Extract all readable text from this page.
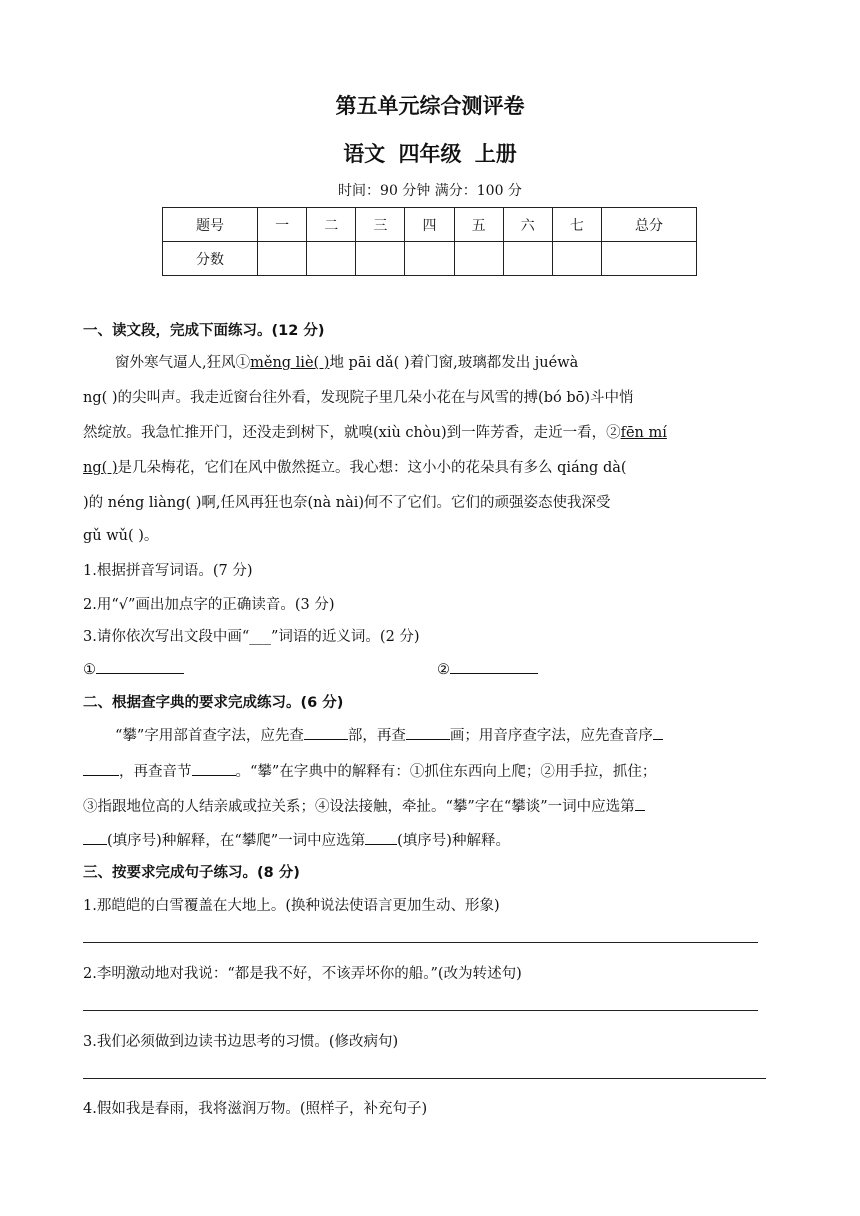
第五单元综合测评卷
语文 四年级 上册
时间：90 分钟 满分：100 分
题号	一	二	三	四	五	六	七	总分
分数								
一、读文段，完成下面练习。(12 分)
窗外寒气逼人,狂风①měng liè( )地 pāi dǎ( )着门窗,玻璃都发出 juéwà
ng( )的尖叫声。我走近窗台往外看，发现院子里几朵小花在与风雪的搏(bó bō)斗中悄
然绽放。我急忙推开门，还没走到树下，就嗅(xiù chòu)到一阵芳香，走近一看，②fēn mí
ng( )是几朵梅花，它们在风中傲然挺立。我心想：这小小的花朵具有多么 qiáng dà(
)的 néng liàng( )啊,任风再狂也奈(nà nài)何不了它们。它们的顽强姿态使我深受
gǔ wǔ( )。
1.根据拼音写词语。(7 分)
2.用“√”画出加点字的正确读音。(3 分)
3.请你依次写出文段中画“___”词语的近义词。(2 分)
①	②
二、根据查字典的要求完成练习。(6 分)
“攀”字用部首查字法，应先查	部，再查	画；用音序查字法，应先查音序
，再查音节	。“攀”在字典中的解释有：①抓住东西向上爬；②用手拉，抓住；
③指跟地位高的人结亲戚或拉关系；④设法接触，牵扯。“攀”字在“攀谈”一词中应选第
(填序号)种解释，在“攀爬”一词中应选第 (填序号)种解释。
三、按要求完成句子练习。(8 分)
1.那皑皑的白雪覆盖在大地上。(换种说法使语言更加生动、形象)
2.李明激动地对我说：“都是我不好，不该弄坏你的船。”(改为转述句)
3.我们必须做到边读书边思考的习惯。(修改病句)
4.假如我是春雨，我将滋润万物。(照样子，补充句子)
